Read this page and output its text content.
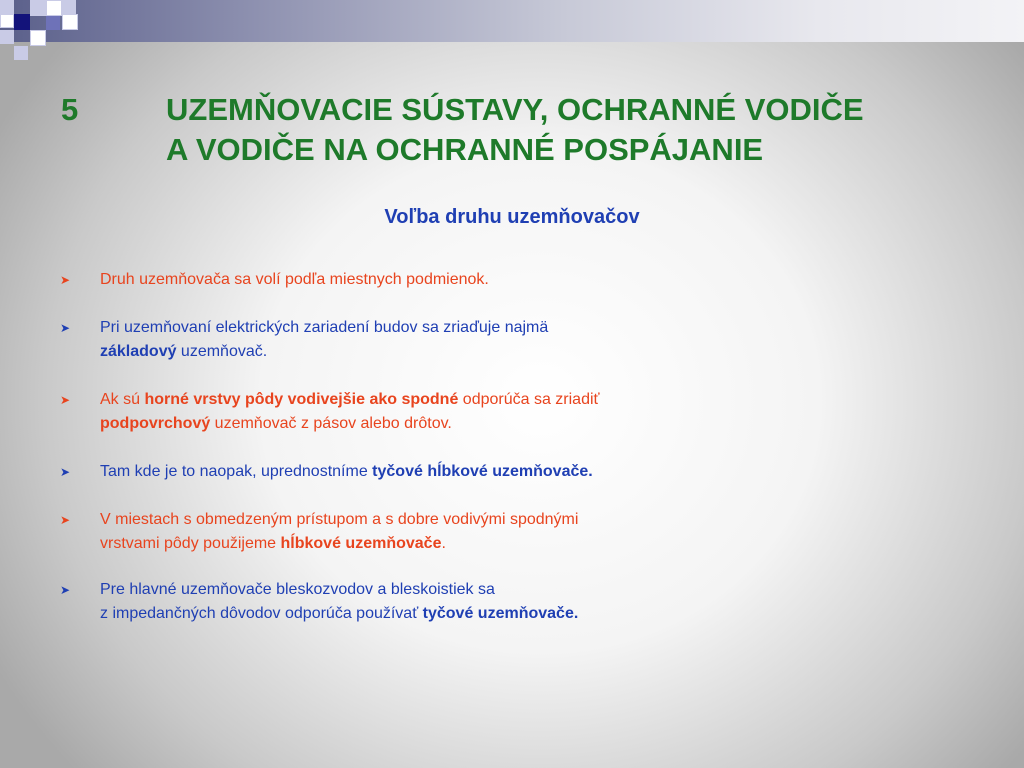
5	UZEMŇOVACIE SÚSTAVY, OCHRANNÉ VODIČE
A VODIČE NA OCHRANNÉ POSPÁJANIE
Voľba druhu uzemňovačov
➤ Druh uzemňovača sa volí podľa miestnych podmienok.
➤ Pri uzemňovaní elektrických zariadení budov sa zriaďuje najmä
základový uzemňovač.
➤ Ak sú horné vrstvy pôdy vodivejšie ako spodné odporúča sa zriadiť
podpovrchový uzemňovač z pásov alebo drôtov.
➤ Tam kde je to naopak, uprednostníme tyčové hĺbkové uzemňovače.
➤ V miestach s obmedzeným prístupom a s dobre vodivými spodnými
vrstvami pôdy použijeme hĺbkové uzemňovače.
➤ Pre hlavné uzemňovače bleskozvodov a bleskoistiek sa
z impedančných dôvodov odporúča používať tyčové uzemňovače.
